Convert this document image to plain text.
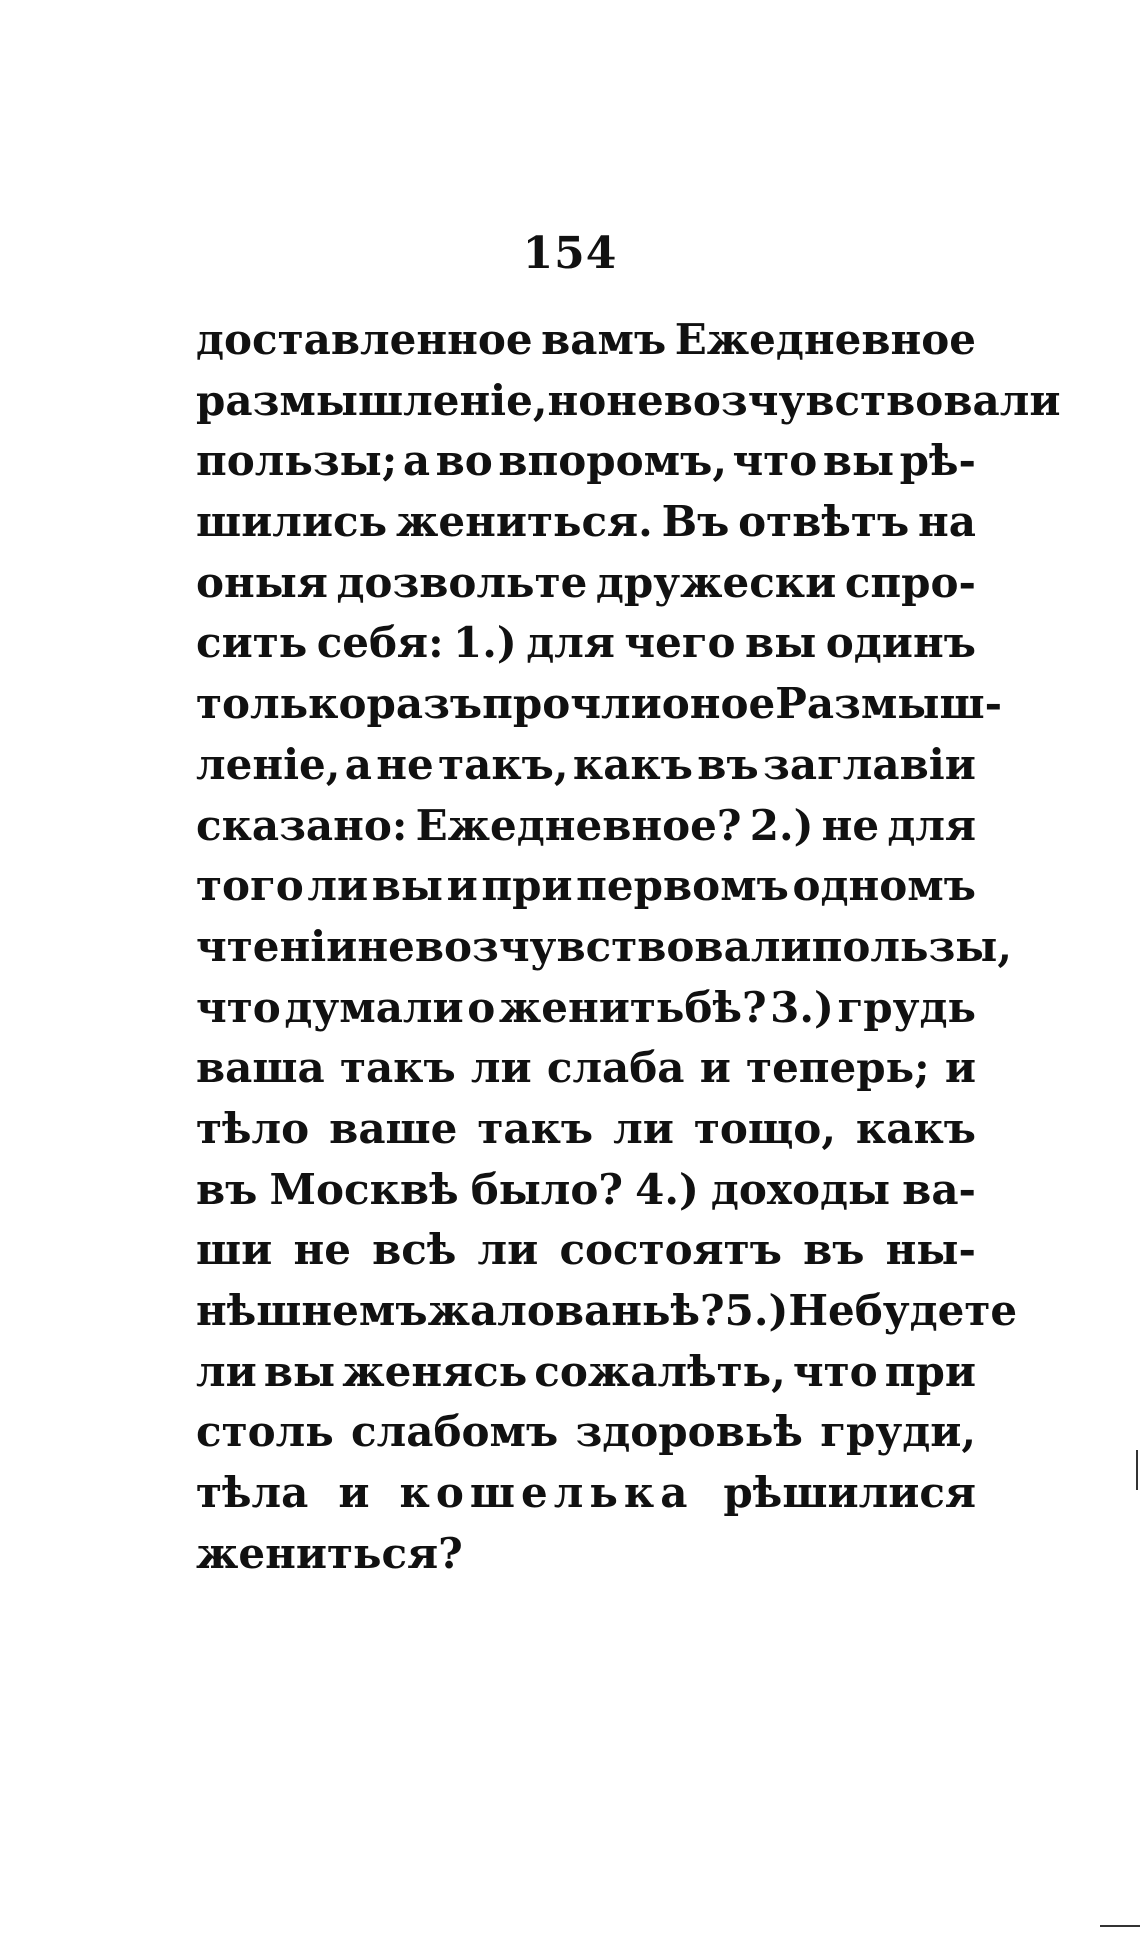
154
доставленное вамъ Ежедневное
размышленіе, но не возчувствовали
пользы; а во впоромъ, что вы рѣ-
шились жениться. Въ отвѣтъ на
оныя дозвольте дружески спро-
сить себя: 1.) для чего вы одинъ
только разъ прочли оное Размыш-
леніе, а не такъ, какъ въ заглавіи
сказано: Ежедневное? 2.) не для
того ли вы и при первомъ одномъ
чтеніи не возчувствовали пользы,
что думали о женитьбѣ? 3.) грудь
ваша такъ ли слаба и теперь; и
тѣло ваше такъ ли тощо, какъ
въ Москвѣ было? 4.) доходы ва-
ши не всѣ ли состоятъ въ ны-
нѣшнемъ жалованьѣ? 5.) Не будете
ли вы женясь сожалѣть, что при
столь слабомъ здоровьѣ груди,
тѣла и кошелька рѣшилися
жениться?
